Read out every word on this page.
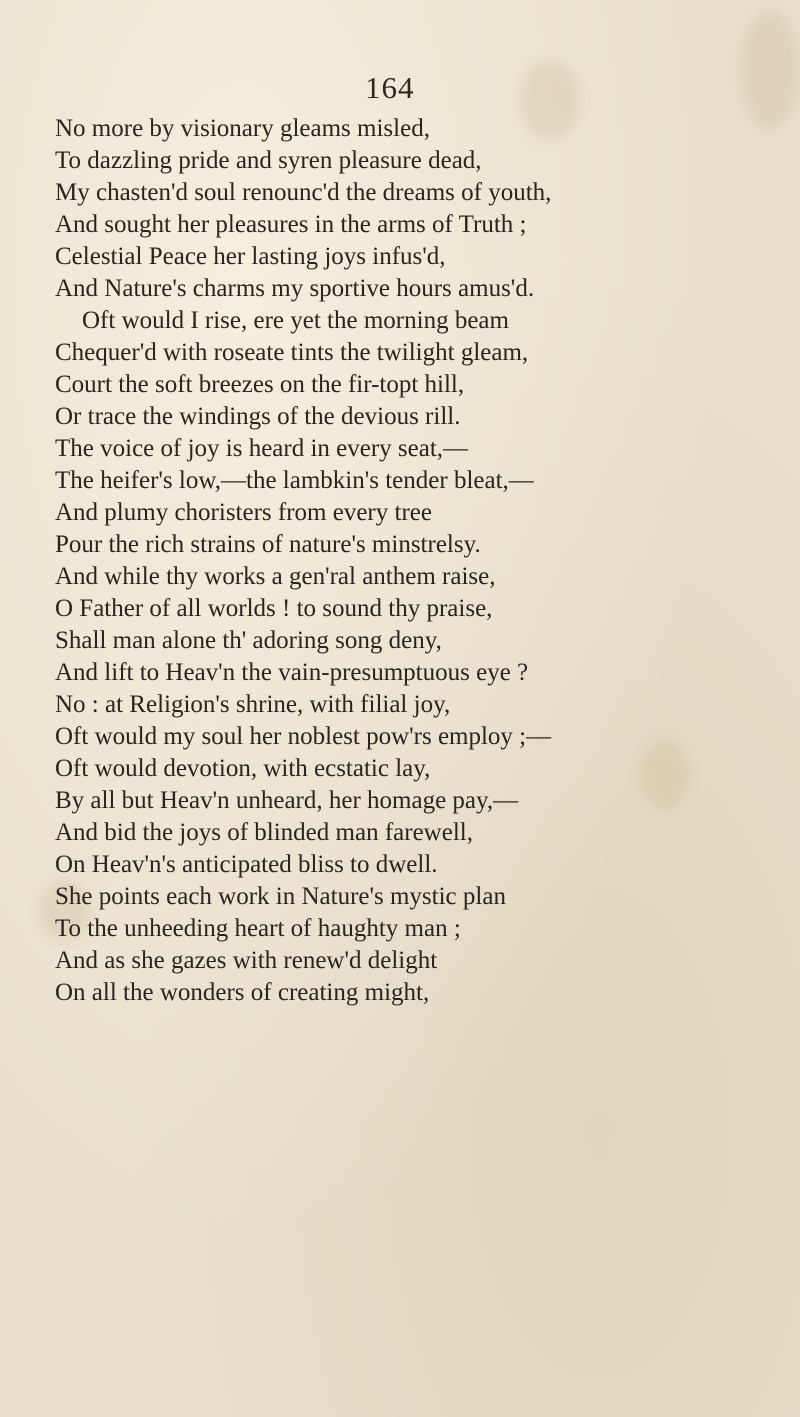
164
No more by visionary gleams misled,
To dazzling pride and syren pleasure dead,
My chasten'd soul renounc'd the dreams of youth,
And sought her pleasures in the arms of Truth ;
Celestial Peace her lasting joys infus'd,
And Nature's charms my sportive hours amus'd.
Oft would I rise, ere yet the morning beam
Chequer'd with roseate tints the twilight gleam,
Court the soft breezes on the fir-topt hill,
Or trace the windings of the devious rill.
The voice of joy is heard in every seat,—
The heifer's low,—the lambkin's tender bleat,—
And plumy choristers from every tree
Pour the rich strains of nature's minstrelsy.
And while thy works a gen'ral anthem raise,
O Father of all worlds ! to sound thy praise,
Shall man alone th' adoring song deny,
And lift to Heav'n the vain-presumptuous eye ?
No : at Religion's shrine, with filial joy,
Oft would my soul her noblest pow'rs employ ;—
Oft would devotion, with ecstatic lay,
By all but Heav'n unheard, her homage pay,—
And bid the joys of blinded man farewell,
On Heav'n's anticipated bliss to dwell.
She points each work in Nature's mystic plan
To the unheeding heart of haughty man ;
And as she gazes with renew'd delight
On all the wonders of creating might,
